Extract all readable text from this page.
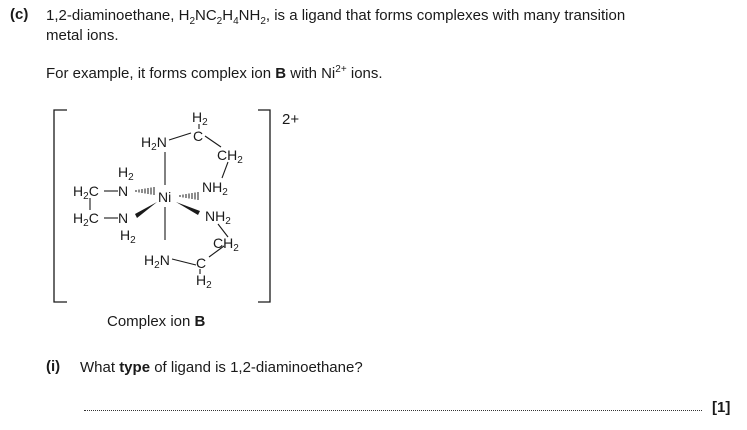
(c) 1,2-diaminoethane, $H_2NC_2H_4NH_2$, is a ligand that forms complexes with many transition
metal ions.
For example, it forms complex ion B with $Ni^{2+}$ ions.
$H_2$
C
$H_2N$
$CH_2$
$H_2$
$H_2C$ N Ni
$NH_2$
$H_2C$ N
$H_2$
$NH_2$
$CH_2$
$H_2N$ C
$H_2$
2+
Complex ion B
(i) What type of ligand is 1,2-diaminoethane?
[1]
